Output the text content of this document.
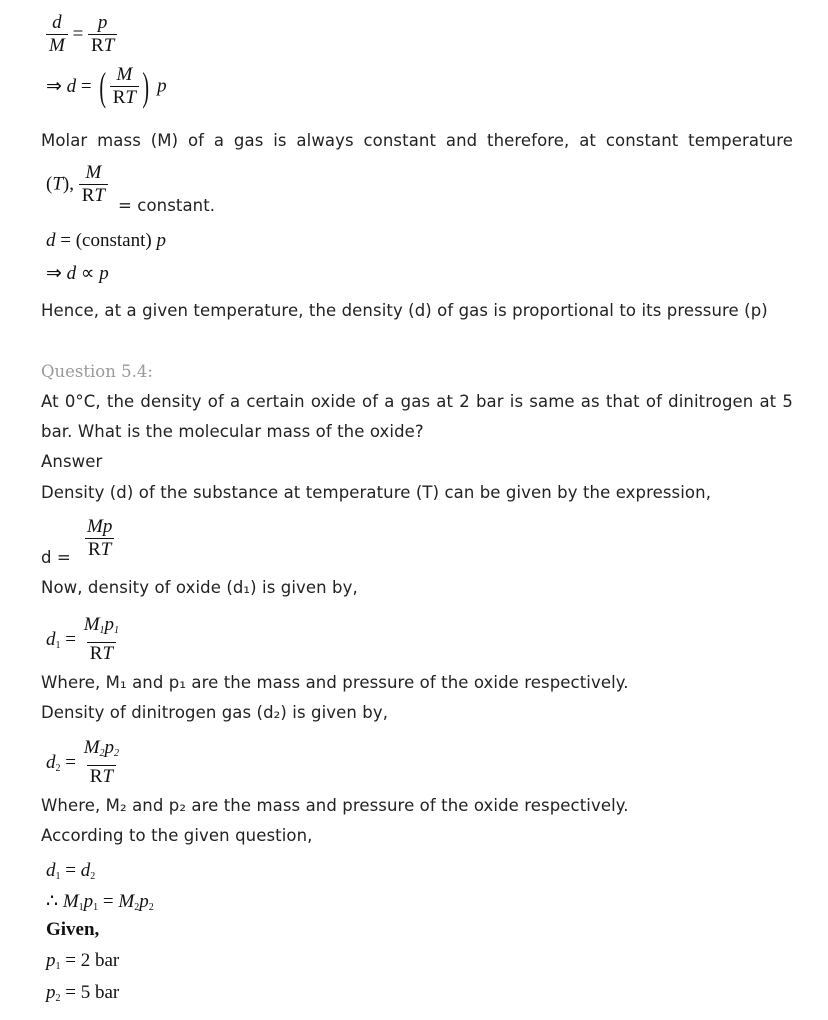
$\frac{d}{M} = \frac{p}{RT}$
⇒ d = ( $\frac{M}{RT}$ ) p
Molar mass (M) of a gas is always constant and therefore, at constant temperature
(T), $\frac{M}{RT}$ = constant.
d = (constant) p
⇒ d ∝ p
Hence, at a given temperature, the density (d) of gas is proportional to its pressure (p)
Question 5.4:
At 0°C, the density of a certain oxide of a gas at 2 bar is same as that of dinitrogen at 5
bar. What is the molecular mass of the oxide?
Answer
Density (d) of the substance at temperature (T) can be given by the expression,
$\frac{Mp}{RT}$
d =
Now, density of oxide (d₁) is given by,
$d_1 = \frac{M_1p_1}{RT}$
Where, M₁ and p₁ are the mass and pressure of the oxide respectively.
Density of dinitrogen gas (d₂) is given by,
$d_2 = \frac{M_2p_2}{RT}$
Where, M₂ and p₂ are the mass and pressure of the oxide respectively.
According to the given question,
$d_1 = d_2$
∴ $M_1p_1 = M_2p_2$
Given,
$p_1 = 2$ bar
$p_2 = 5$ bar
